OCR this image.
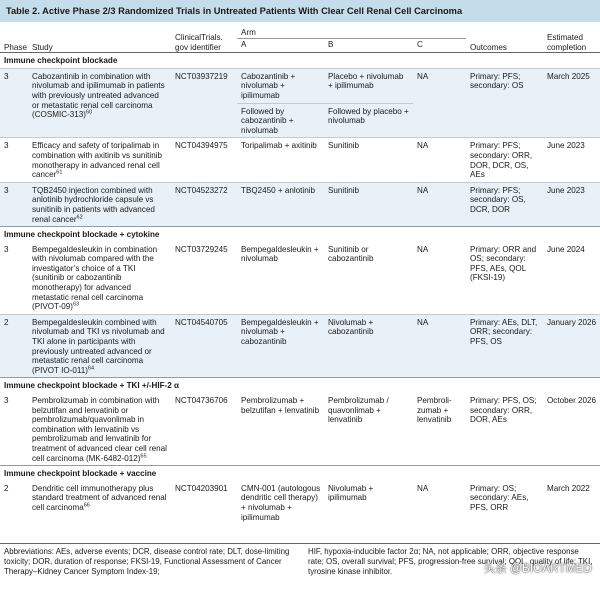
Table 2. Active Phase 2/3 Randomized Trials in Untreated Patients With Clear Cell Renal Cell Carcinoma
Phase	Study	ClinicalTrials.
gov identifier	Arm			Outcomes	Estimated
completion

			A	B	C		
Immune checkpoint blockade							
3	Cabozantinib in combination with nivolumab and ipilimumab in patients with previously untreated advanced or metastatic renal cell carcinoma (COSMIC-313)$^{60}$	NCT03937219	Cabozantinib + nivolumab + ipilimumab	Placebo + nivolumab + ipilimumab	NA	Primary: PFS; secondary: OS	March 2025
			Followed by cabozantinib + nivolumab	Followed by placebo + nivolumab			
3	Efficacy and safety of toripalimab in combination with axitinib vs sunitinib monotherapy in advanced renal cell cancer$^{61}$	NCT04394975	Toripalimab + axitinib	Sunitinib	NA	Primary: PFS; secondary: ORR, DOR, DCR, OS, AEs	June 2023
3	TQB2450 injection combined with anlotinib hydrochloride capsule vs sunitinib in patients with advanced renal cancer$^{62}$	NCT04523272	TBQ2450 + anlotinib	Sunitinib	NA	Primary: PFS; secondary: OS, DCR, DOR	June 2023
Immune checkpoint blockade + cytokine							
3	Bempegaldesleukin in combination with nivolumab compared with the investigator’s choice of a TKI (sunitinib or cabozantinib monotherapy) for advanced metastatic renal cell carcinoma (PIVOT-09)$^{63}$	NCT03729245	Bempegaldesleukin + nivolumab	Sunitinib or cabozantinib	NA	Primary: ORR and OS; secondary: PFS, AEs, QOL (FKSI-19)	June 2024
2	Bempegaldesleukin combined with nivolumab and TKI vs nivolumab and TKI alone in participants with previously untreated advanced or metastatic renal cell carcinoma (PIVOT IO-011)$^{64}$	NCT04540705	Bempegaldesleukin + nivolumab + cabozantinib	Nivolumab + cabozantinib	NA	Primary: AEs, DLT, ORR; secondary: PFS, OS	January 2026
Immune checkpoint blockade + TKI +/-HIF-2 α							
3	Pembrolizumab in combination with belzutifan and lenvatinib or pembrolizumab/quavonlimab in combination with lenvatinib vs pembrolizumab and lenvatinib for treatment of advanced clear cell renal cell carcinoma $(MK-6482-012)^{65}$	NCT04736706	Pembrolizumab + belzutifan + lenvatinib	Pembrolizumab / quavonlimab + lenvatinib	Pembroli-zumab + lenvatinib	Primary: PFS, OS; secondary: ORR, DOR, AEs	October 2026
Immune checkpoint blockade + vaccine							
2	Dendritic cell immunotherapy plus standard treatment of advanced renal cell carcinoma$^{66}$	NCT04203901	CMN-001 (autologous dendritic cell therapy) + nivolumab + ipilimumab	Nivolumab + ipilimumab	NA	Primary: OS; secondary: AEs, PFS, ORR	March 2022
Abbreviations: AEs, adverse events; DCR, disease control rate; DLT, dose-limiting toxicity; DOR, duration of response; FKSI-19, Functional Assessment of Cancer Therapy–Kidney Cancer Symptom Index-19;
HIF, hypoxia-inducible factor 2α; NA, not applicable; ORR, objective response rate; OS, overall survival; PFS, progression-free survival; QOL, quality of life; TKI, tyrosine kinase inhibitor.	头条 @BIOARTMED
